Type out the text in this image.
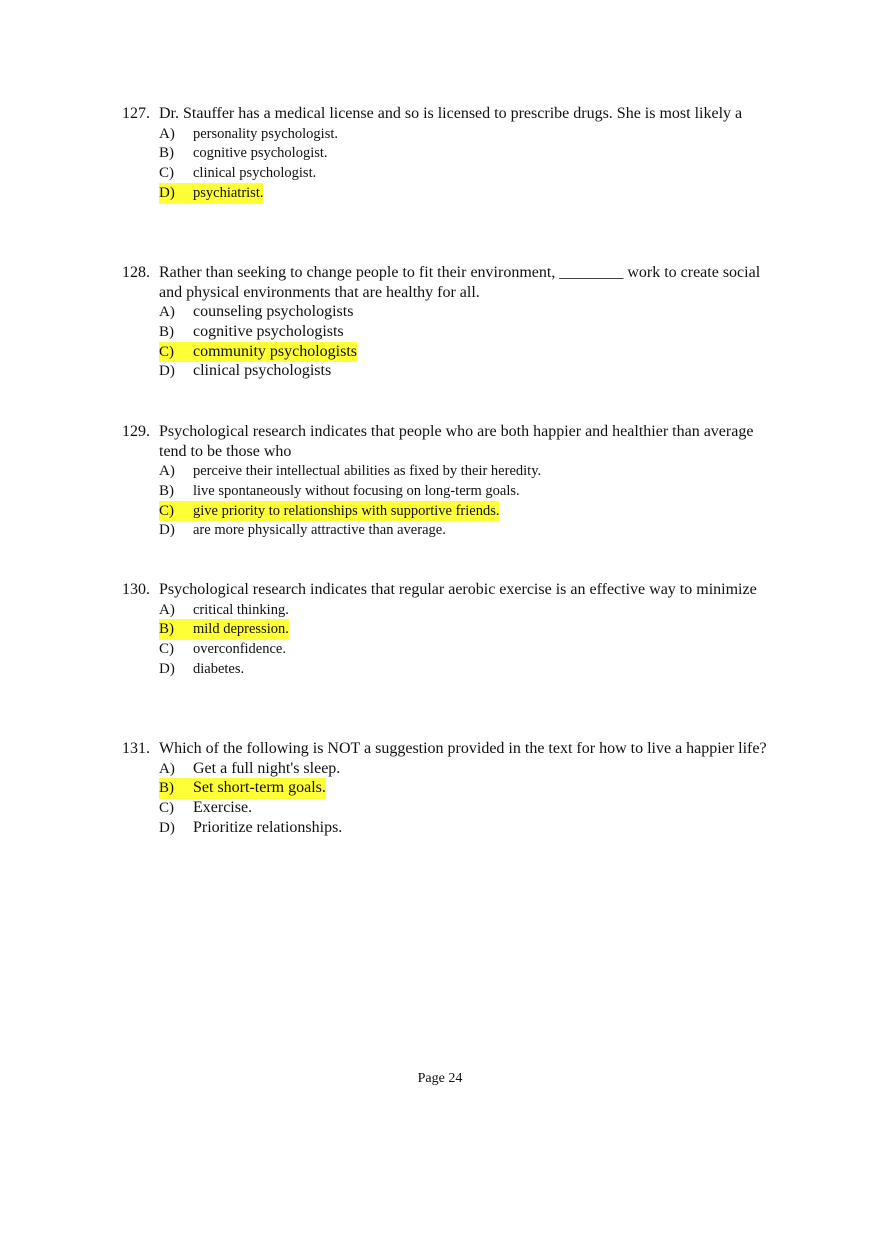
127. Dr. Stauffer has a medical license and so is licensed to prescribe drugs. She is most likely a
A) personality psychologist.
B) cognitive psychologist.
C) clinical psychologist.
D) psychiatrist.
128. Rather than seeking to change people to fit their environment, ________ work to create social and physical environments that are healthy for all.
A) counseling psychologists
B) cognitive psychologists
C) community psychologists
D) clinical psychologists
129. Psychological research indicates that people who are both happier and healthier than average tend to be those who
A) perceive their intellectual abilities as fixed by their heredity.
B) live spontaneously without focusing on long-term goals.
C) give priority to relationships with supportive friends.
D) are more physically attractive than average.
130. Psychological research indicates that regular aerobic exercise is an effective way to minimize
A) critical thinking.
B) mild depression.
C) overconfidence.
D) diabetes.
131. Which of the following is NOT a suggestion provided in the text for how to live a happier life?
A) Get a full night's sleep.
B) Set short-term goals.
C) Exercise.
D) Prioritize relationships.
Page 24
